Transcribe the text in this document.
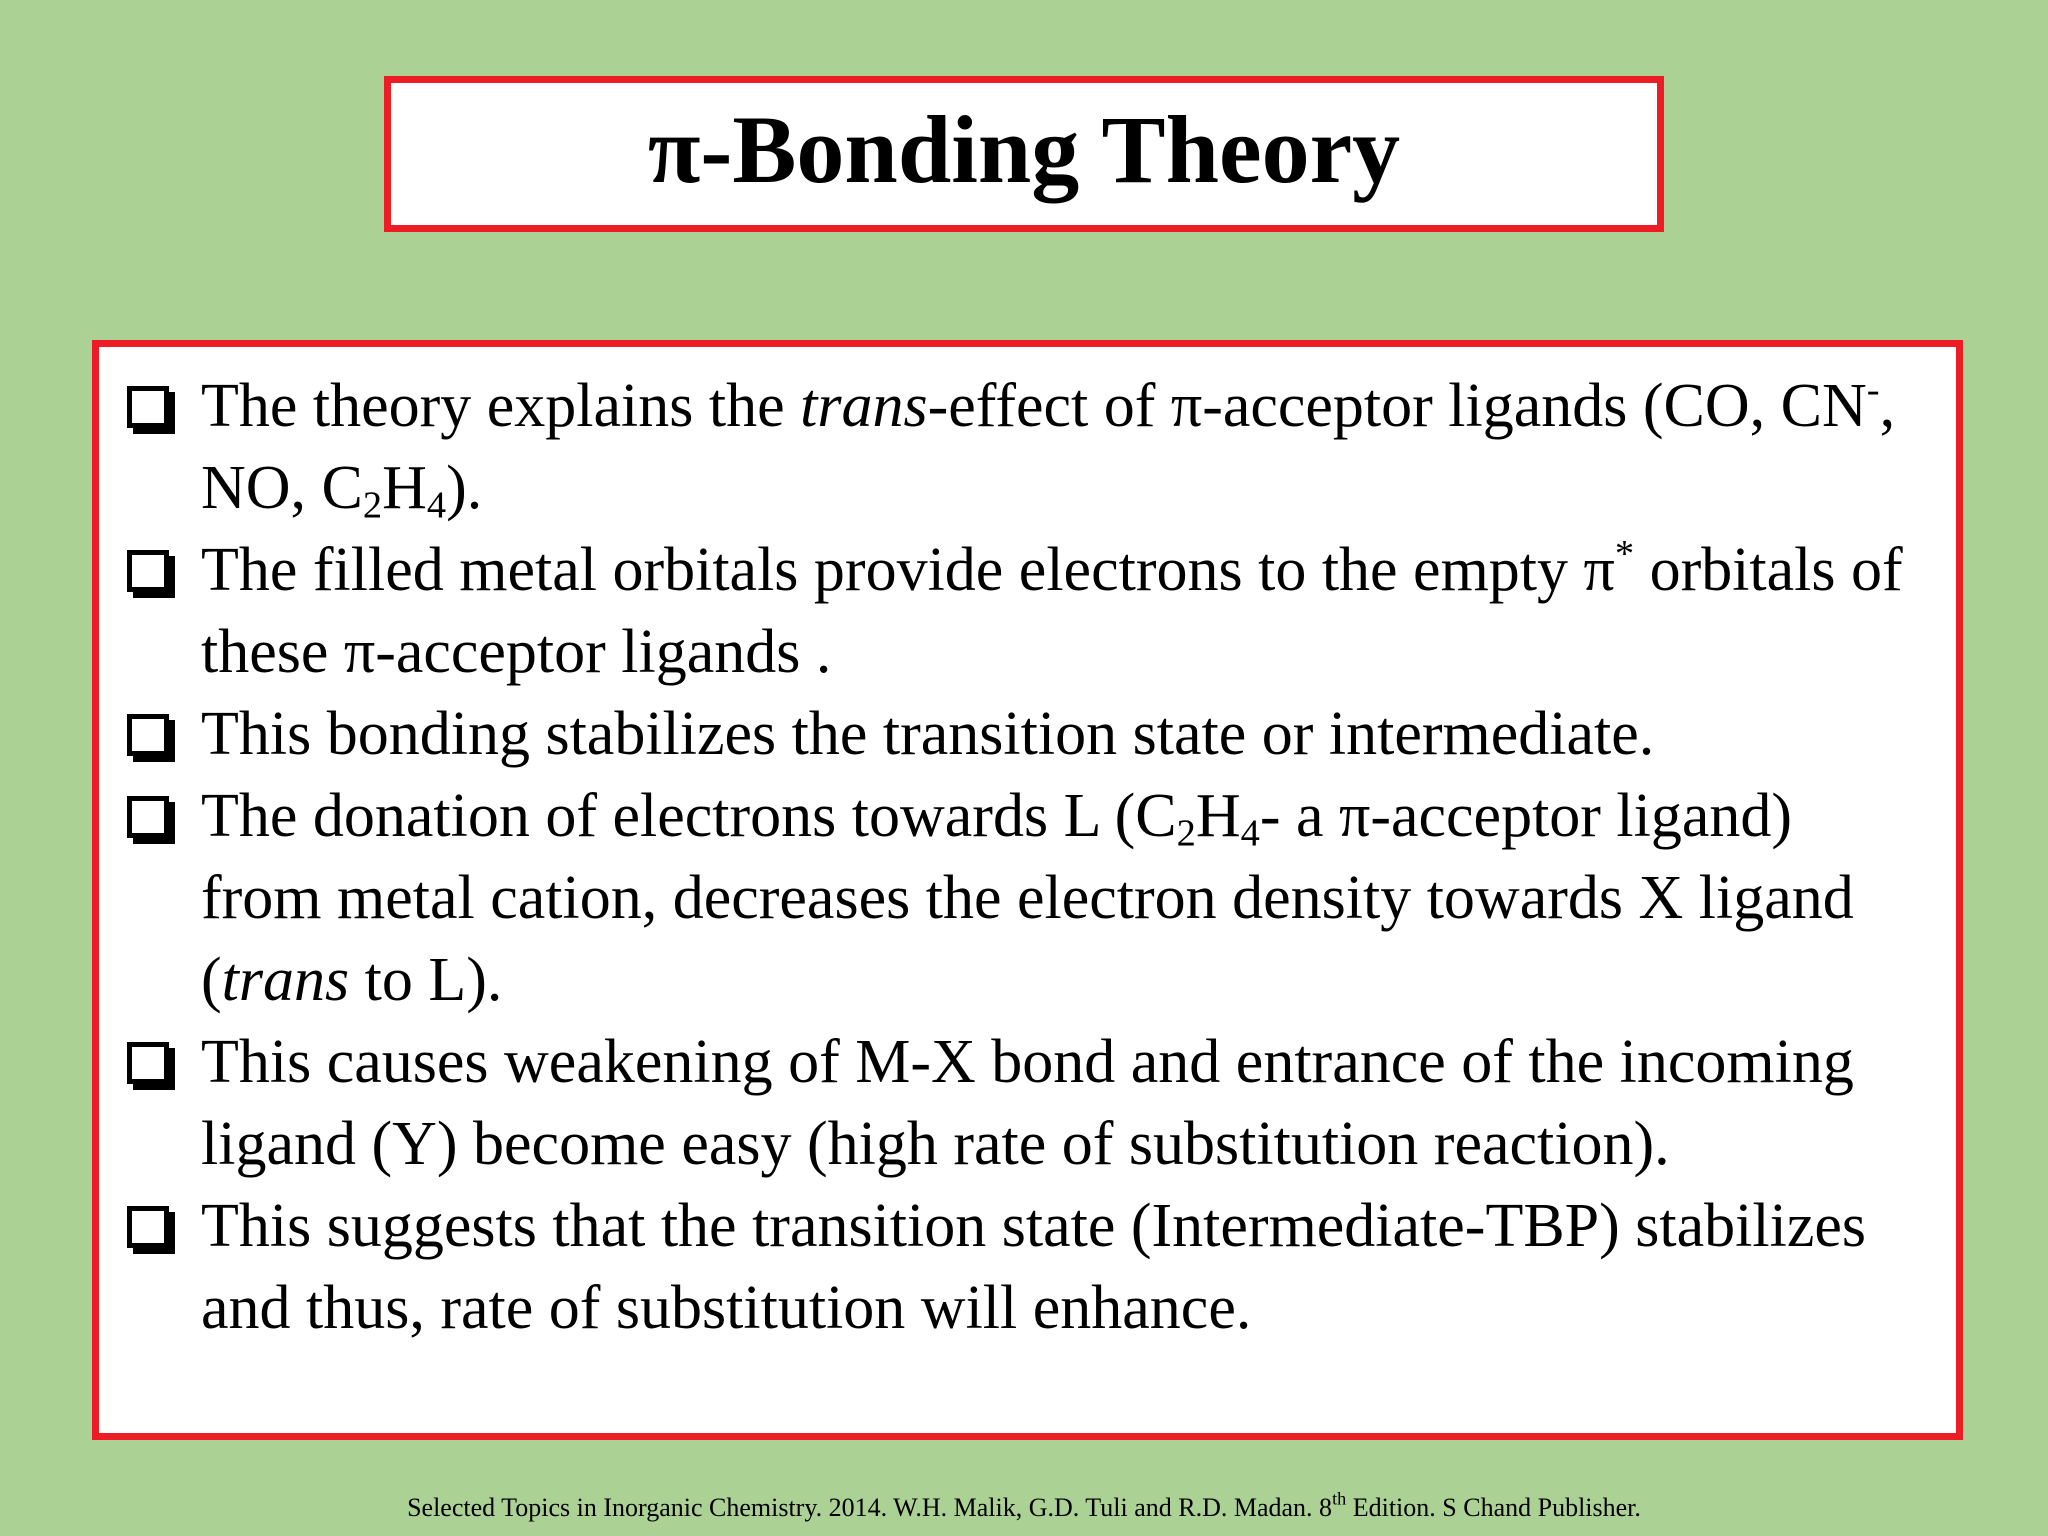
π-Bonding Theory
The theory explains the trans-effect of π-acceptor ligands (CO, CN-, NO, $C_2H_4$).
The filled metal orbitals provide electrons to the empty π* orbitals of these π-acceptor ligands .
This bonding stabilizes the transition state or intermediate.
The donation of electrons towards L ($C_2H_4-$ a π-acceptor ligand) from metal cation, decreases the electron density towards X ligand (trans to L).
This causes weakening of M-X bond and entrance of the incoming ligand (Y) become easy (high rate of substitution reaction).
This suggests that the transition state (Intermediate-TBP) stabilizes and thus, rate of substitution will enhance.
Selected Topics in Inorganic Chemistry. 2014. W.H. Malik, G.D. Tuli and R.D. Madan. 8th Edition. S Chand Publisher.
